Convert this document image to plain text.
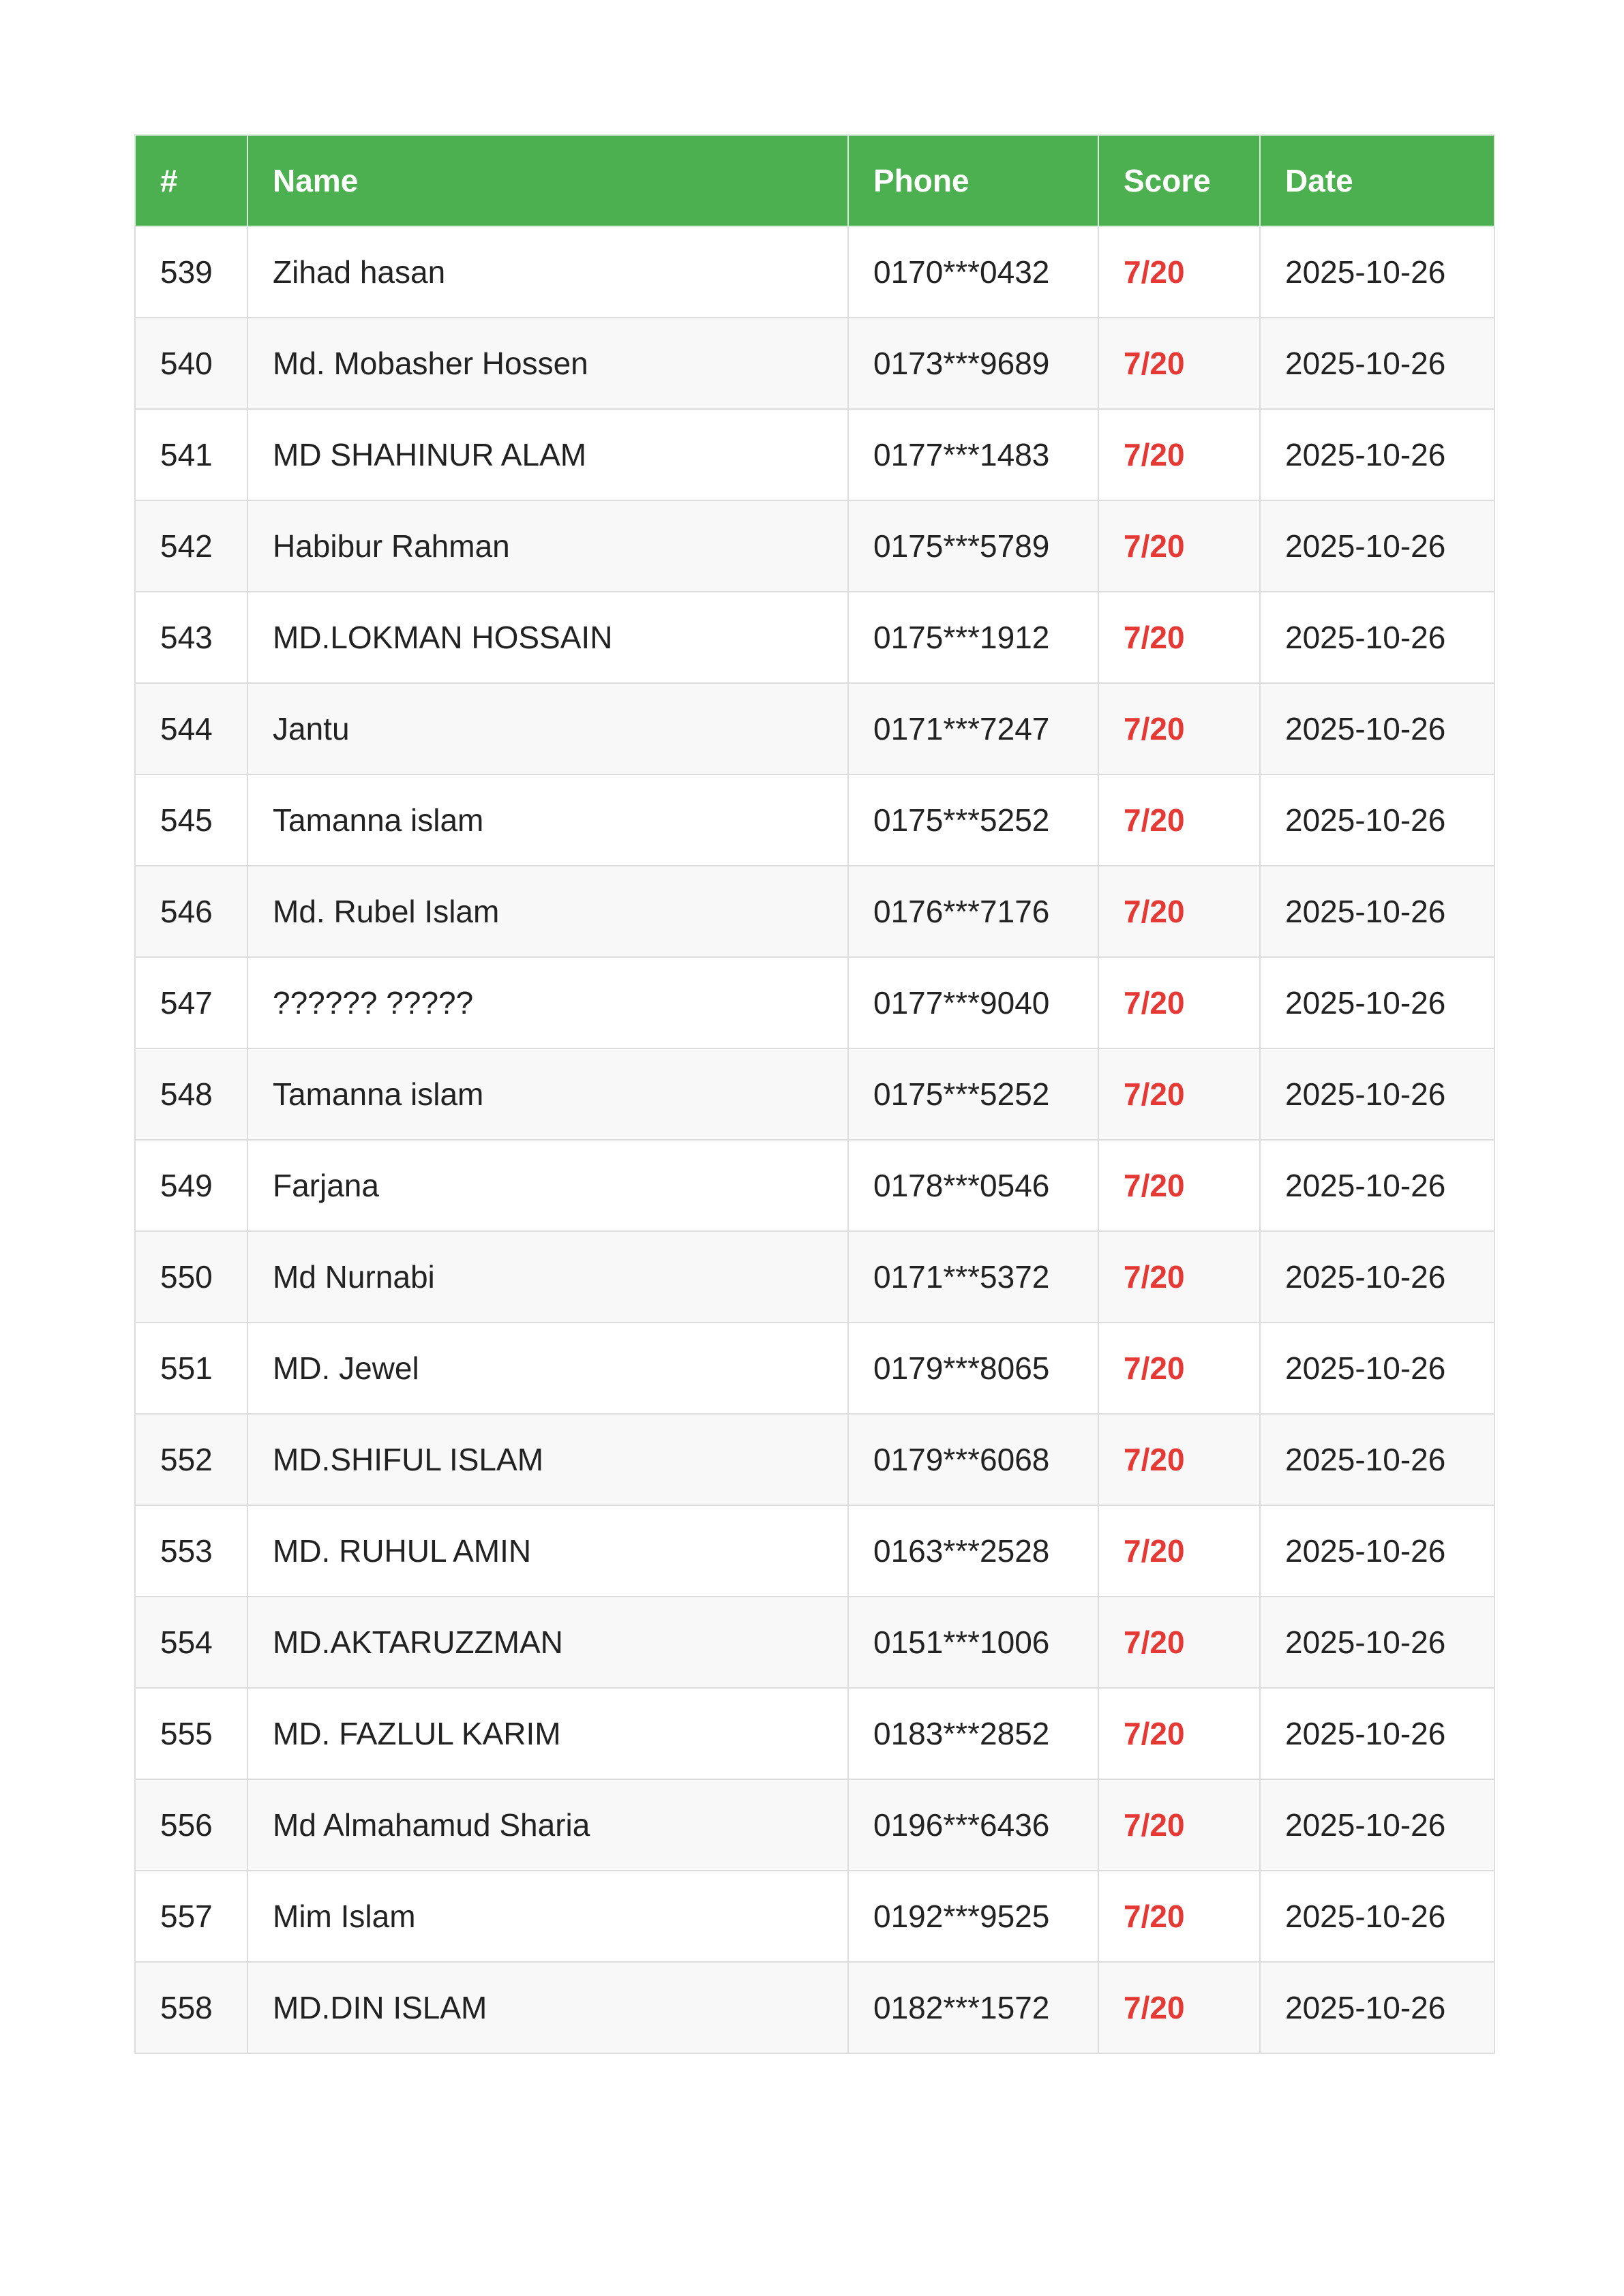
#	Name	Phone	Score	Date
539	Zihad hasan	0170***0432	7/20	2025-10-26
540	Md. Mobasher Hossen	0173***9689	7/20	2025-10-26
541	MD SHAHINUR ALAM	0177***1483	7/20	2025-10-26
542	Habibur Rahman	0175***5789	7/20	2025-10-26
543	MD.LOKMAN HOSSAIN	0175***1912	7/20	2025-10-26
544	Jantu	0171***7247	7/20	2025-10-26
545	Tamanna islam	0175***5252	7/20	2025-10-26
546	Md. Rubel Islam	0176***7176	7/20	2025-10-26
547	?????? ?????	0177***9040	7/20	2025-10-26
548	Tamanna islam	0175***5252	7/20	2025-10-26
549	Farjana	0178***0546	7/20	2025-10-26
550	Md Nurnabi	0171***5372	7/20	2025-10-26
551	MD. Jewel	0179***8065	7/20	2025-10-26
552	MD.SHIFUL ISLAM	0179***6068	7/20	2025-10-26
553	MD. RUHUL AMIN	0163***2528	7/20	2025-10-26
554	MD.AKTARUZZMAN	0151***1006	7/20	2025-10-26
555	MD. FAZLUL KARIM	0183***2852	7/20	2025-10-26
556	Md Almahamud Sharia	0196***6436	7/20	2025-10-26
557	Mim Islam	0192***9525	7/20	2025-10-26
558	MD.DIN ISLAM	0182***1572	7/20	2025-10-26
